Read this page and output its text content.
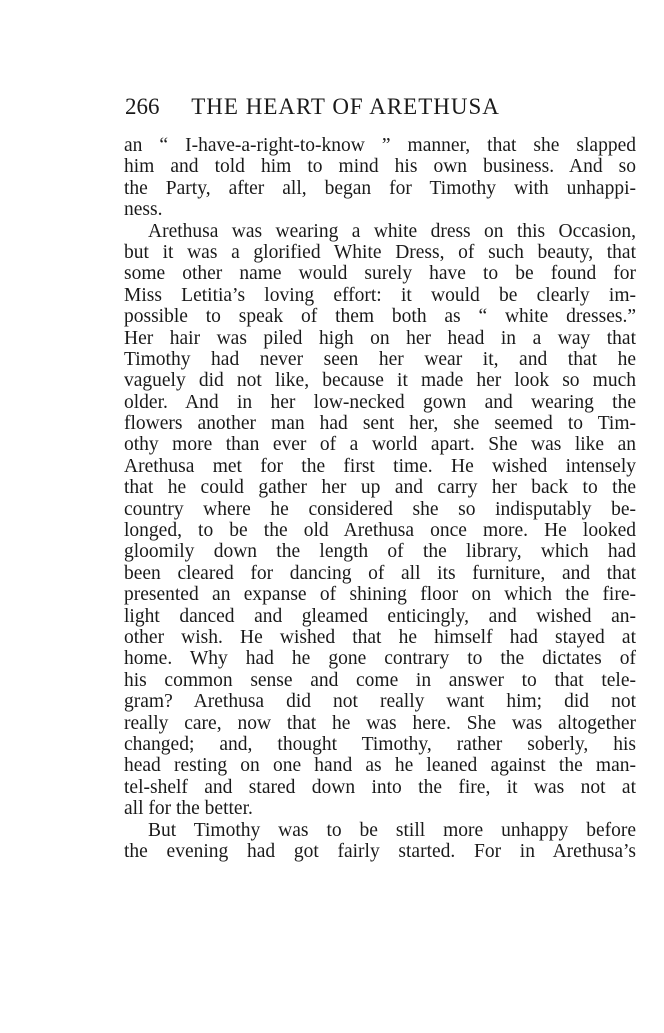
266 THE HEART OF ARETHUSA
an “ I-have-a-right-to-know ” manner, that she slapped
him and told him to mind his own business. And so
the Party, after all, began for Timothy with unhappi-
ness.
Arethusa was wearing a white dress on this Occasion,
but it was a glorified White Dress, of such beauty, that
some other name would surely have to be found for
Miss Letitia’s loving effort: it would be clearly im-
possible to speak of them both as “ white dresses.”
Her hair was piled high on her head in a way that
Timothy had never seen her wear it, and that he
vaguely did not like, because it made her look so much
older. And in her low-necked gown and wearing the
flowers another man had sent her, she seemed to Tim-
othy more than ever of a world apart. She was like an
Arethusa met for the first time. He wished intensely
that he could gather her up and carry her back to the
country where he considered she so indisputably be-
longed, to be the old Arethusa once more. He looked
gloomily down the length of the library, which had
been cleared for dancing of all its furniture, and that
presented an expanse of shining floor on which the fire-
light danced and gleamed enticingly, and wished an-
other wish. He wished that he himself had stayed at
home. Why had he gone contrary to the dictates of
his common sense and come in answer to that tele-
gram? Arethusa did not really want him; did not
really care, now that he was here. She was altogether
changed; and, thought Timothy, rather soberly, his
head resting on one hand as he leaned against the man-
tel-shelf and stared down into the fire, it was not at
all for the better.
But Timothy was to be still more unhappy before
the evening had got fairly started. For in Arethusa’s
